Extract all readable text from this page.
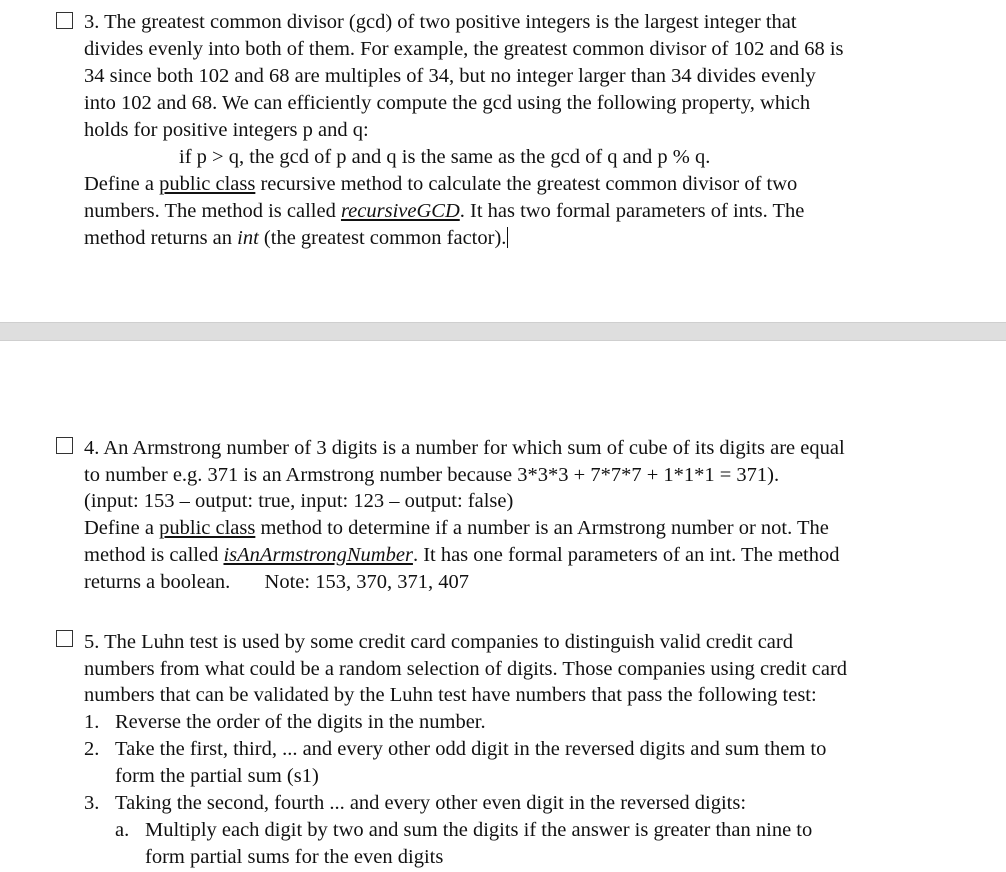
3. The greatest common divisor (gcd) of two positive integers is the largest integer that
divides evenly into both of them. For example, the greatest common divisor of 102 and 68 is
34 since both 102 and 68 are multiples of 34, but no integer larger than 34 divides evenly
into 102 and 68. We can efficiently compute the gcd using the following property, which
holds for positive integers p and q:
if p > q, the gcd of p and q is the same as the gcd of q and p % q.
Define a public class recursive method to calculate the greatest common divisor of two
numbers. The method is called recursiveGCD. It has two formal parameters of ints. The
method returns an int (the greatest common factor).
4. An Armstrong number of 3 digits is a number for which sum of cube of its digits are equal
to number e.g. 371 is an Armstrong number because 3*3*3 + 7*7*7 + 1*1*1 = 371).
(input: 153 – output: true, input: 123 – output: false)
Define a public class method to determine if a number is an Armstrong number or not. The
method is called isAnArmstrongNumber. It has one formal parameters of an int. The method
returns a boolean. Note: 153, 370, 371, 407
5. The Luhn test is used by some credit card companies to distinguish valid credit card
numbers from what could be a random selection of digits. Those companies using credit card
numbers that can be validated by the Luhn test have numbers that pass the following test:
1. Reverse the order of the digits in the number.
2. Take the first, third, ... and every other odd digit in the reversed digits and sum them to
form the partial sum (s1)
3. Taking the second, fourth ... and every other even digit in the reversed digits:
a. Multiply each digit by two and sum the digits if the answer is greater than nine to
form partial sums for the even digits
